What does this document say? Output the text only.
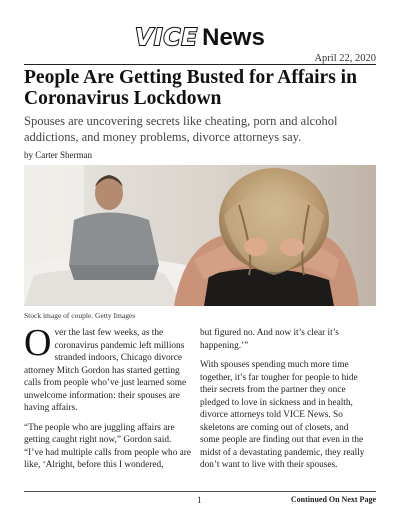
VICE News
April 22, 2020
People Are Getting Busted for Affairs in Coronavirus Lockdown
Spouses are uncovering secrets like cheating, porn and alcohol addictions, and money problems, divorce attorneys say.
by Carter Sherman
Stock image of couple. Getty Images

O ver the last few weeks, as the coronavirus pandemic left millions stranded indoors, Chicago divorce attorney Mitch Gordon has started getting calls from people who’ve just learned some unwelcome information: their spouses are having affairs.

“The people who are juggling affairs are getting caught right now,” Gordon said. “I’ve had multiple calls from people who are like, ‘Alright, before this I wondered,

but figured no. And now it’s clear it’s happening.’”

With spouses spending much more time together, it’s far tougher for people to hide their secrets from the partner they once pledged to love in sickness and in health, divorce attorneys told VICE News. So skeletons are coming out of closets, and some people are finding out that even in the midst of a devastating pandemic, they really don’t want to live with their spouses.

1	Continued On Next Page
